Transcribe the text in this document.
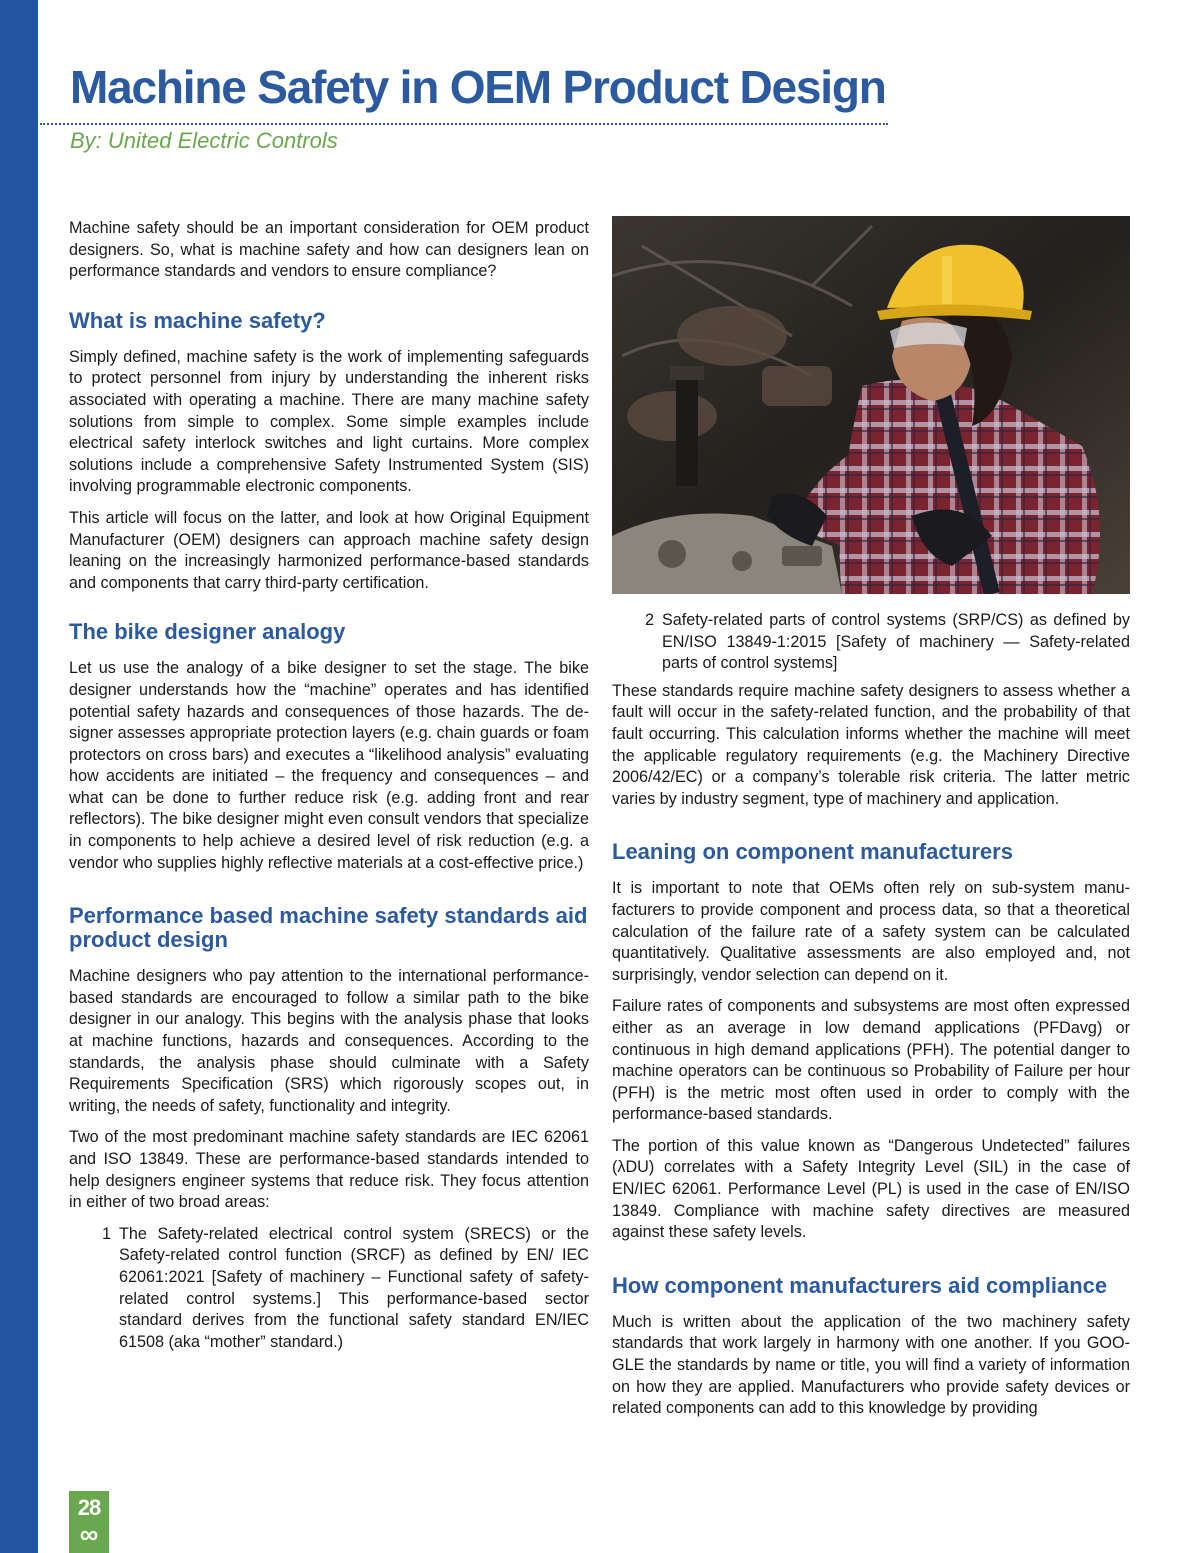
Machine Safety in OEM Product Design
By: United Electric Controls

Machine safety should be an important consideration for OEM product designers. So, what is machine safety and how can designers lean on performance standards and vendors to ensure compliance?

What is machine safety?

Simply defined, machine safety is the work of implementing safeguards to protect personnel from injury by understanding the inherent risks associated with operating a machine. There are many machine safety solutions from simple to complex. Some simple examples include electrical safety interlock switches and light curtains. More complex solutions include a comprehensive Safety Instrumented System (SIS) involving programmable electronic components.

This article will focus on the latter, and look at how Original Equipment Manufacturer (OEM) designers can approach machine safety design leaning on the increasingly harmonized performance-based standards and components that carry third-party certification.

The bike designer analogy

Let us use the analogy of a bike designer to set the stage. The bike designer understands how the “machine” operates and has identified potential safety hazards and consequences of those hazards. The designer assesses appropriate protection layers (e.g. chain guards or foam protectors on cross bars) and executes a “likelihood analysis” evaluating how accidents are initiated – the frequency and consequences – and what can be done to further reduce risk (e.g. adding front and rear reflectors). The bike designer might even consult vendors that specialize in components to help achieve a desired level of risk reduction (e.g. a vendor who supplies highly reflective materials at a cost-effective price.)

Performance based machine safety standards aid product design

Machine designers who pay attention to the international performance-based standards are encouraged to follow a similar path to the bike designer in our analogy. This begins with the analysis phase that looks at machine functions, hazards and consequences. According to the standards, the analysis phase should culminate with a Safety Requirements Specification (SRS) which rigorously scopes out, in writing, the needs of safety, functionality and integrity.

Two of the most predominant machine safety standards are IEC 62061 and ISO 13849. These are performance-based standards intended to help designers engineer systems that reduce risk. They focus attention in either of two broad areas:

1 The Safety-related electrical control system (SRECS) or the Safety-related control function (SRCF) as defined by EN/ IEC 62061:2021 [Safety of machinery – Functional safety of safety-related control systems.] This performance-based sector standard derives from the functional safety standard EN/IEC 61508 (aka “mother” standard.)
2 Safety-related parts of control systems (SRP/CS) as defined by EN/ISO 13849-1:2015 [Safety of machinery — Safety-related parts of control systems]

These standards require machine safety designers to assess whether a fault will occur in the safety-related function, and the probability of that fault occurring. This calculation informs whether the machine will meet the applicable regulatory requirements (e.g. the Machinery Directive 2006/42/EC) or a company’s tolerable risk criteria. The latter metric varies by industry segment, type of machinery and application.

Leaning on component manufacturers

It is important to note that OEMs often rely on sub-system manufacturers to provide component and process data, so that a theoretical calculation of the failure rate of a safety system can be calculated quantitatively. Qualitative assessments are also employed and, not surprisingly, vendor selection can depend on it.

Failure rates of components and subsystems are most often expressed either as an average in low demand applications (PFDavg) or continuous in high demand applications (PFH). The potential danger to machine operators can be continuous so Probability of Failure per hour (PFH) is the metric most often used in order to comply with the performance-based standards.

The portion of this value known as “Dangerous Undetected” failures (λDU) correlates with a Safety Integrity Level (SIL) in the case of EN/IEC 62061. Performance Level (PL) is used in the case of EN/ISO 13849. Compliance with machine safety directives are measured against these safety levels.

How component manufacturers aid compliance

Much is written about the application of the two machinery safety standards that work largely in harmony with one another. If you GOOGLE the standards by name or title, you will find a variety of information on how they are applied. Manufacturers who provide safety devices or related components can add to this knowledge by providing

28
∞
